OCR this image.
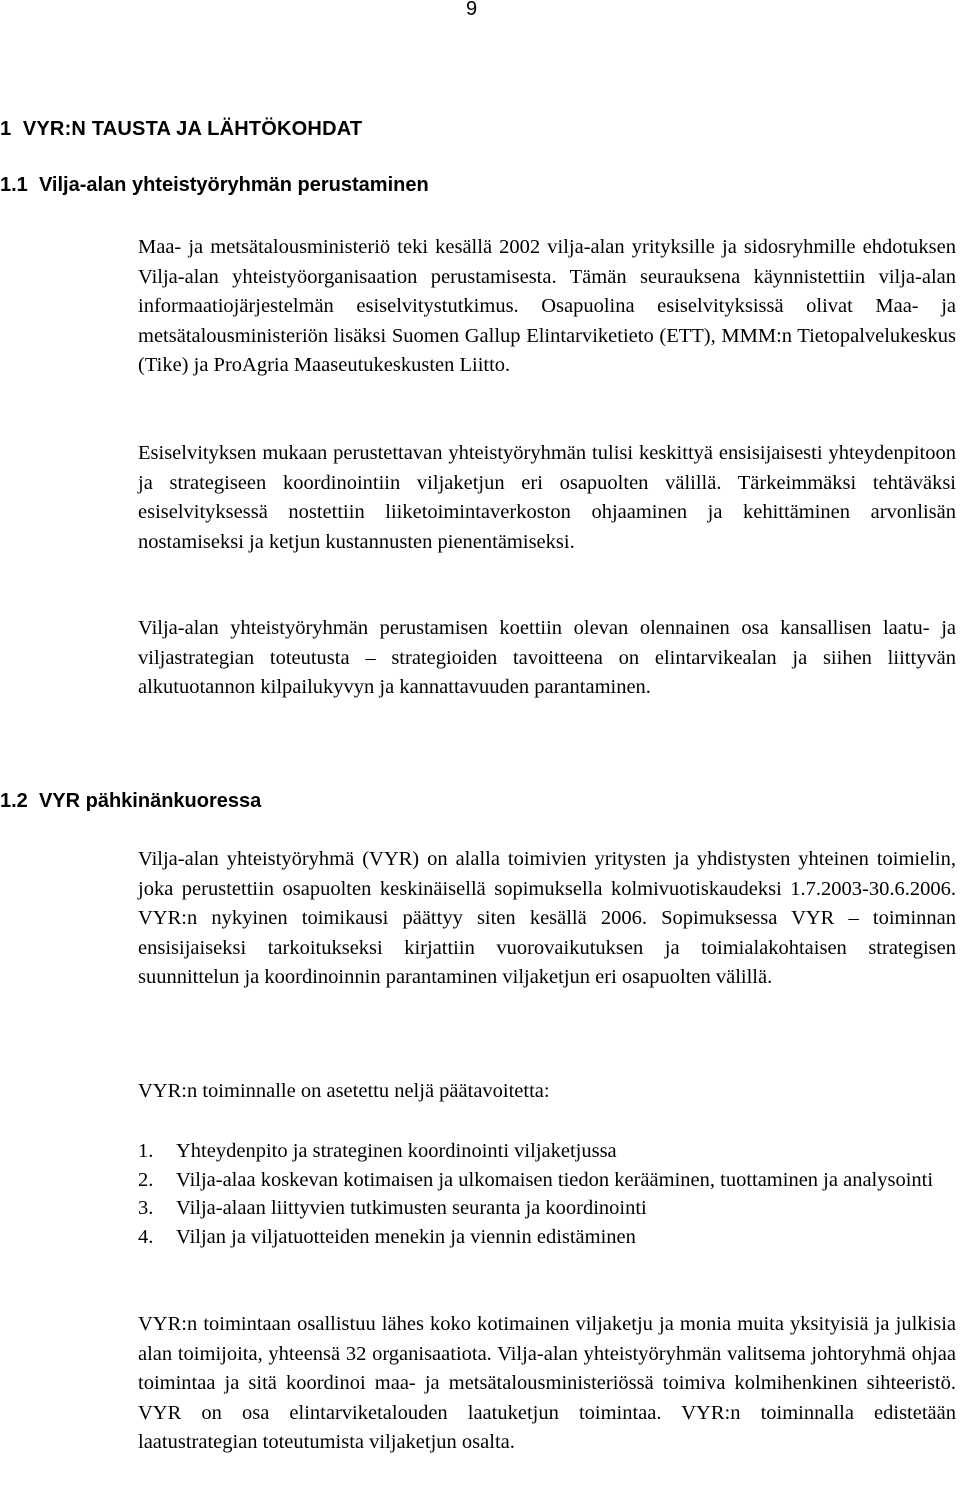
9
1 VYR:N TAUSTA JA LÄHTÖKOHDAT
1.1 Vilja-alan yhteistyöryhmän perustaminen

Maa- ja metsätalousministeriö teki kesällä 2002 vilja-alan yrityksille ja sidosryhmille ehdotuksen Vilja-alan yhteistyöorganisaation perustamisesta. Tämän seurauksena käynnistettiin vilja-alan informaatiojärjestelmän esiselvitystutkimus. Osapuolina esiselvityksissä olivat Maa- ja metsätalousministeriön lisäksi Suomen Gallup Elintarviketieto (ETT), MMM:n Tietopalvelukeskus (Tike) ja ProAgria Maaseutukeskusten Liitto.

Esiselvityksen mukaan perustettavan yhteistyöryhmän tulisi keskittyä ensisijaisesti yhteydenpitoon ja strategiseen koordinointiin viljaketjun eri osapuolten välillä. Tärkeimmäksi tehtäväksi esiselvityksessä nostettiin liiketoimintaverkoston ohjaaminen ja kehittäminen arvonlisän nostamiseksi ja ketjun kustannusten pienentämiseksi.

Vilja-alan yhteistyöryhmän perustamisen koettiin olevan olennainen osa kansallisen laatu- ja viljastrategian toteutusta – strategioiden tavoitteena on elintarvikealan ja siihen liittyvän alkutuotannon kilpailukyvyn ja kannattavuuden parantaminen.

1.2 VYR pähkinänkuoressa

Vilja-alan yhteistyöryhmä (VYR) on alalla toimivien yritysten ja yhdistysten yhteinen toimielin, joka perustettiin osapuolten keskinäisellä sopimuksella kolmivuotiskaudeksi 1.7.2003-30.6.2006. VYR:n nykyinen toimikausi päättyy siten kesällä 2006. Sopimuksessa VYR – toiminnan ensisijaiseksi tarkoitukseksi kirjattiin vuorovaikutuksen ja toimialakohtaisen strategisen suunnittelun ja koordinoinnin parantaminen viljaketjun eri osapuolten välillä.

VYR:n toiminnalle on asetettu neljä päätavoitetta:

1.	Yhteydenpito ja strateginen koordinointi viljaketjussa
2.	Vilja-alaa koskevan kotimaisen ja ulkomaisen tiedon kerääminen, tuottaminen ja analysointi
3.	Vilja-alaan liittyvien tutkimusten seuranta ja koordinointi
4.	Viljan ja viljatuotteiden menekin ja viennin edistäminen

VYR:n toimintaan osallistuu lähes koko kotimainen viljaketju ja monia muita yksityisiä ja julkisia alan toimijoita, yhteensä 32 organisaatiota. Vilja-alan yhteistyöryhmän valitsema johtoryhmä ohjaa toimintaa ja sitä koordinoi maa- ja metsätalousministeriössä toimiva kolmihenkinen sihteeristö. VYR on osa elintarviketalouden laatuketjun toimintaa. VYR:n toiminnalla edistetään laatustrategian toteutumista viljaketjun osalta.
